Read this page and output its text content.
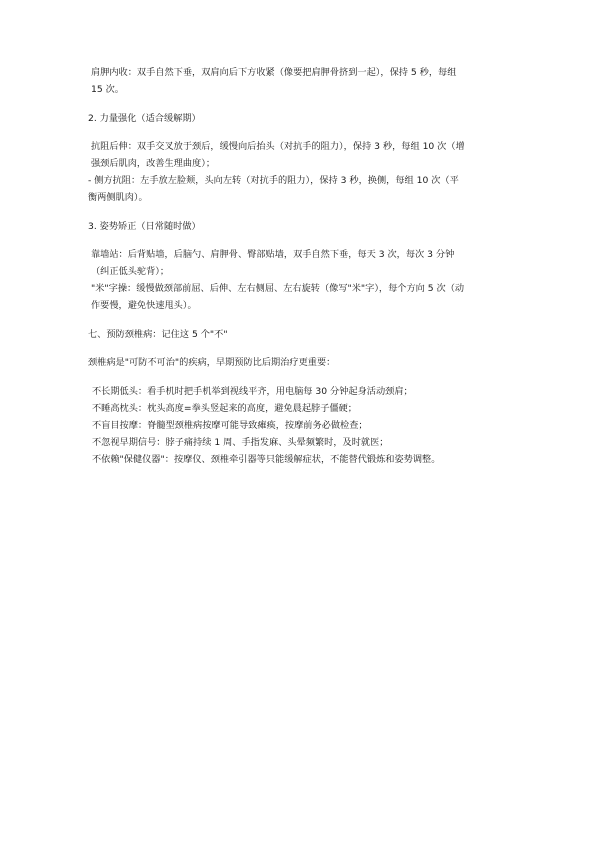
肩胛内收：双手自然下垂，双肩向后下方收紧（像要把肩胛骨挤到一起），保持 5 秒，每组
15 次。
2. 力量强化（适合缓解期）
抗阻后伸：双手交叉放于颈后，缓慢向后抬头（对抗手的阻力），保持 3 秒，每组 10 次（增
强颈后肌肉，改善生理曲度）；
- 侧方抗阻：左手放左脸颊，头向左转（对抗手的阻力），保持 3 秒，换侧，每组 10 次（平
衡两侧肌肉）。
3. 姿势矫正（日常随时做）
靠墙站：后背贴墙，后脑勺、肩胛骨、臀部贴墙，双手自然下垂，每天 3 次，每次 3 分钟
（纠正低头驼背）；
"米"字操：缓慢做颈部前屈、后伸、左右侧屈、左右旋转（像写"米"字），每个方向 5 次（动
作要慢，避免快速甩头）。
七、预防颈椎病：记住这 5 个"不"
颈椎病是"可防不可治"的疾病，早期预防比后期治疗更重要：
不长期低头：看手机时把手机举到视线平齐，用电脑每 30 分钟起身活动颈肩；
不睡高枕头：枕头高度=拳头竖起来的高度，避免晨起脖子僵硬；
不盲目按摩：脊髓型颈椎病按摩可能导致瘫痪，按摩前务必做检查；
不忽视早期信号：脖子痛持续 1 周、手指发麻、头晕频繁时，及时就医；
不依赖"保健仪器"：按摩仪、颈椎牵引器等只能缓解症状，不能替代锻炼和姿势调整。
